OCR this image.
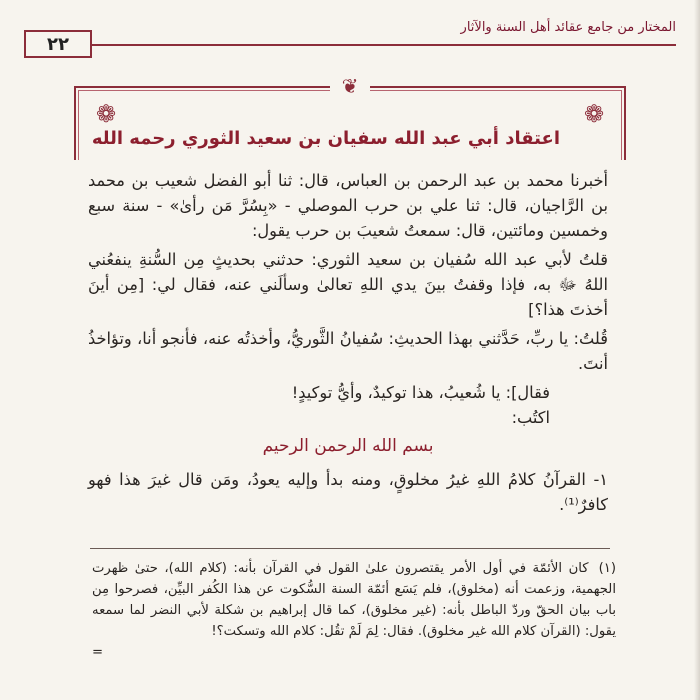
المختار من جامع عقائد أهل السنة والآثار
٢٢
❦
❁	❁
اعتقاد أبي عبد الله سفيان بن سعيد الثوري رحمه الله

أخبرنا محمد بن عبد الرحمن بن العباس، قال: ثنا أبو الفضل شعيب بن محمد بن الرَّاجيان، قال: ثنا علي بن حرب الموصلي - «بِسُرَّ مَن رأىٰ» - سنة سبع وخمسين ومائتين، قال: سمعتُ شعيبَ بن حرب يقول:

قلتُ لأبي عبد الله سُفيان بن سعيد الثوري: حدثني بحديثٍ مِن السُّنةِ ينفعُني اللهُ ﷻ به، فإذا وقفتُ بينَ يدي اللهِ تعالىٰ وسألَني عنه، فقال لي: [مِن أينَ أخذتَ هذا؟]

قُلتُ: يا ربِّ، حَدَّثني بهذا الحديثِ: سُفيانُ الثَّوريُّ، وأخذتُه عنه، فأنجو أنا، وتؤاخذُ أنتَ.

فقال]: يا شُعيبُ، هذا توكيدٌ، وأيُّ توكيدٍ!

اكتُب:

بسم الله الرحمن الرحيم

١- القرآنُ كلامُ اللهِ غيرُ مخلوقٍ، ومنه بدأ وإليه يعودُ، ومَن قال غيرَ هذا فهو كافرٌ⁽¹⁾.

(١)كان الأئمّة في أول الأمر يقتصرون علىٰ القول في القرآن بأنه: (كلام الله)، حتىٰ ظهرت الجهمية، وزعمت أنه (مخلوق)، فلم يَسَع أئمّة السنة السُّكوت عن هذا الكُفر البيِّن، فصرحوا مِن باب بيان الحقّ وردّ الباطل بأنه: (غير مخلوق)، كما قال إبراهيم بن شكلة لأبي النضر لما سمعه يقول: (القرآن كلام الله غير مخلوق). فقال: لِمَ لَمْ تقُل: كلام الله وتسكت؟!
=
